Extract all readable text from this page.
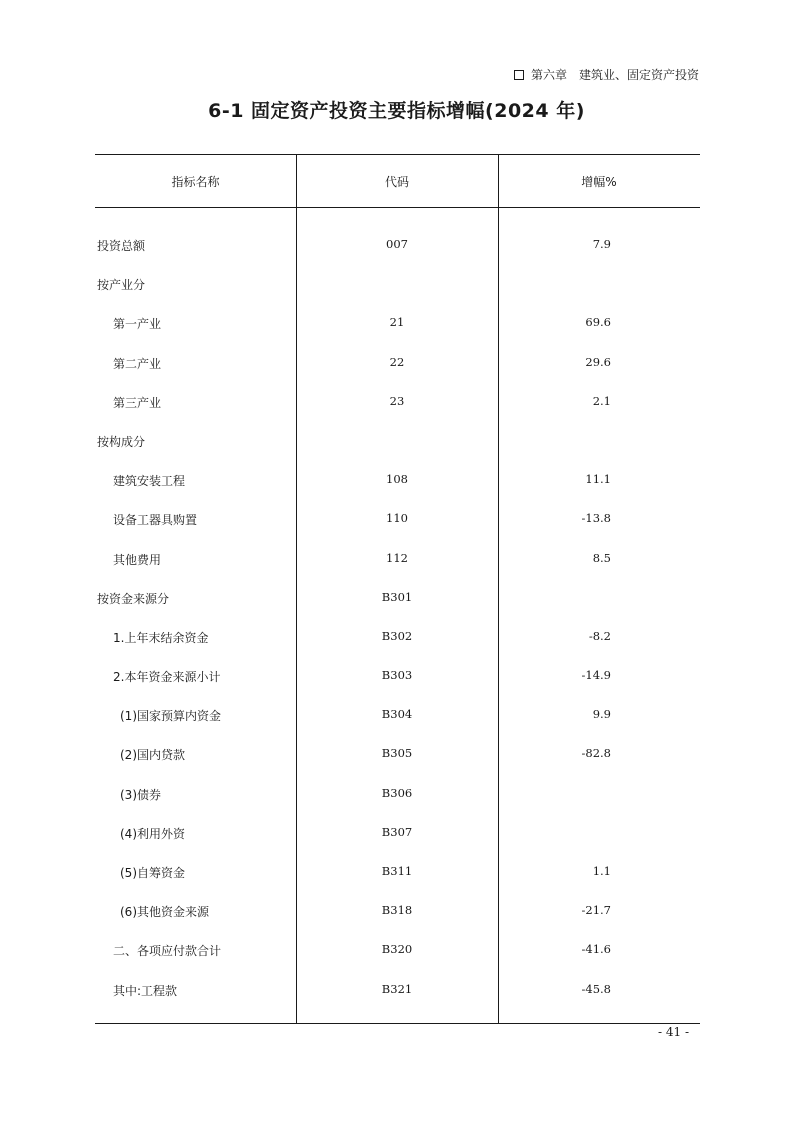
第六章 建筑业、固定资产投资
6-1 固定资产投资主要指标增幅(2024 年)
指标名称	代码	增幅%
投资总额	007	7.9
按产业分
第一产业	21	69.6
第二产业	22	29.6
第三产业	23	2.1
按构成分
建筑安装工程	108	11.1
设备工器具购置	110	-13.8
其他费用	112	8.5
按资金来源分	B301
1.上年末结余资金	B302	-8.2
2.本年资金来源小计	B303	-14.9
(1)国家预算内资金	B304	9.9
(2)国内贷款	B305	-82.8
(3)债券	B306
(4)利用外资	B307
(5)自筹资金	B311	1.1
(6)其他资金来源	B318	-21.7
二、各项应付款合计	B320	-41.6
其中:工程款	B321	-45.8
- 41 -
